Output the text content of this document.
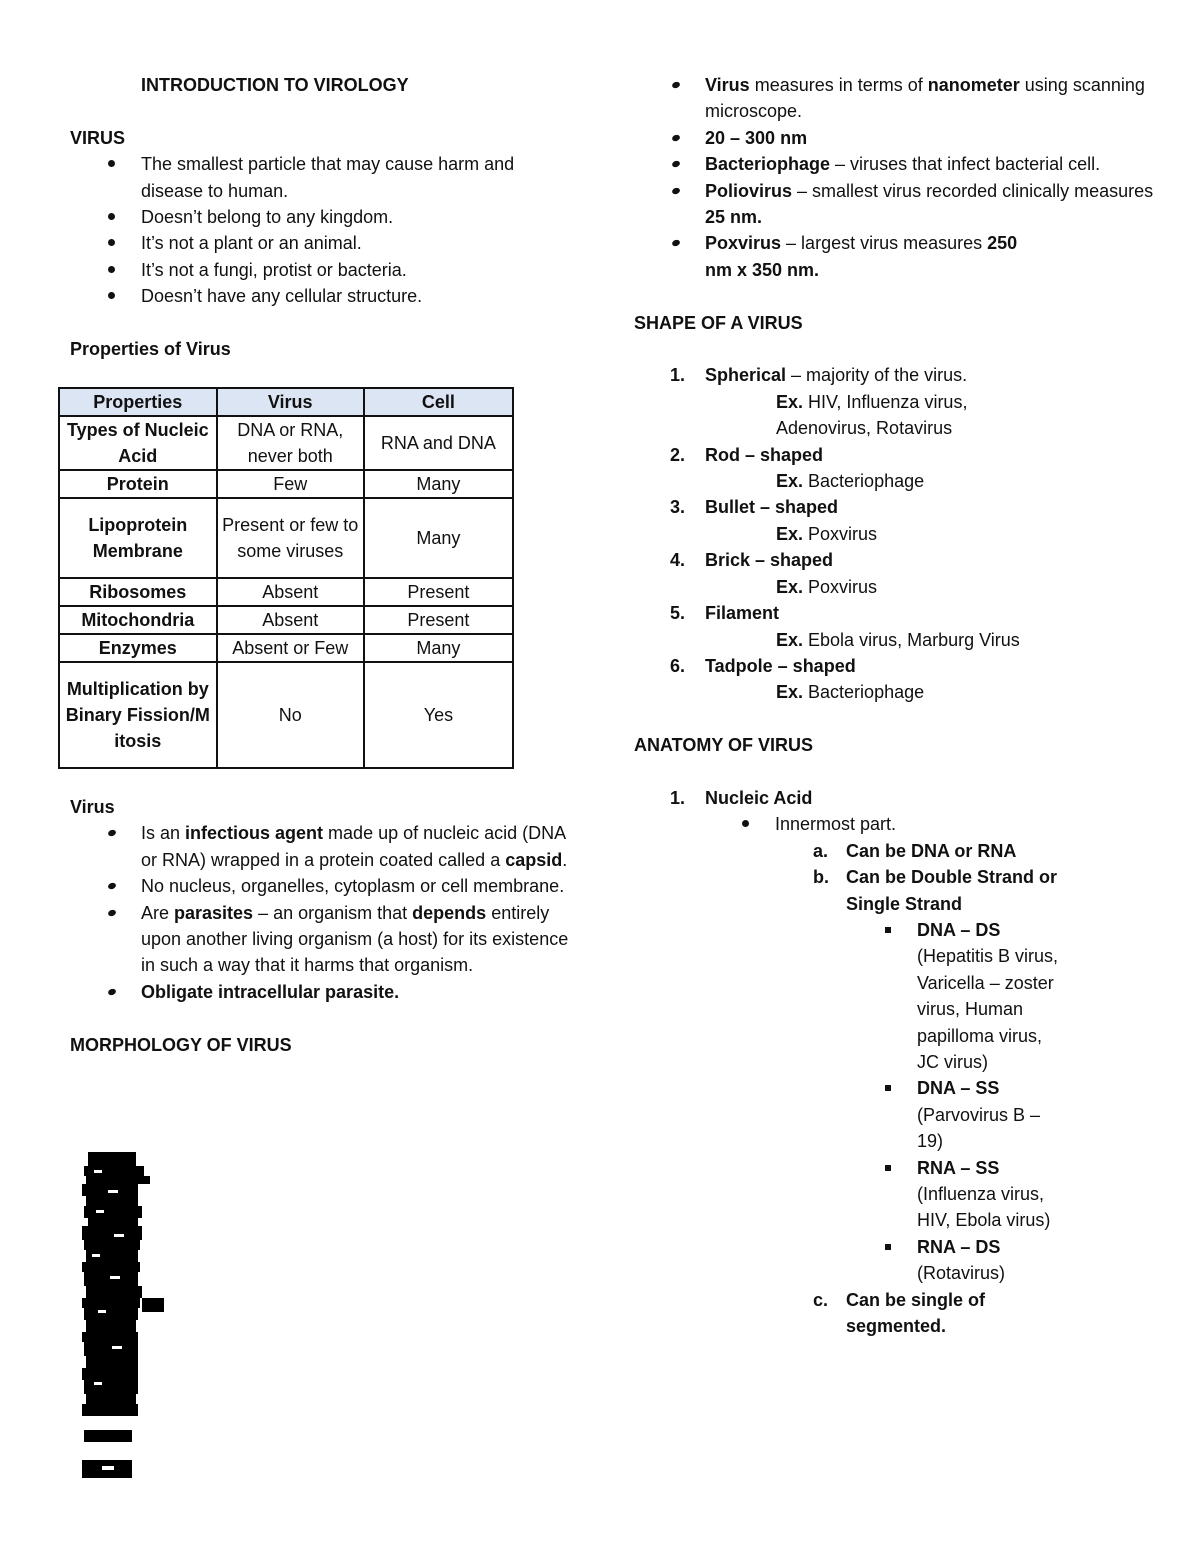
INTRODUCTION TO VIROLOGY
VIRUS
The smallest particle that may cause harm and disease to human.
Doesn’t belong to any kingdom.
It’s not a plant or an animal.
It’s not a fungi, protist or bacteria.
Doesn’t have any cellular structure.
Properties of Virus
Properties	Virus	Cell
Types of Nucleic Acid	DNA or RNA, never both	RNA and DNA
Protein	Few	Many
Lipoprotein Membrane	Present or few to some viruses	Many
Ribosomes	Absent	Present
Mitochondria	Absent	Present
Enzymes	Absent or Few	Many
Multiplication by Binary Fission/Mitosis	No	Yes
Virus
Is an infectious agent made up of nucleic acid (DNA or RNA) wrapped in a protein coated called a capsid.
No nucleus, organelles, cytoplasm or cell membrane.
Are parasites – an organism that depends entirely upon another living organism (a host) for its existence in such a way that it harms that organism.
Obligate intracellular parasite.
MORPHOLOGY OF VIRUS
Virus measures in terms of nanometer using scanning microscope.
20 – 300 nm
Bacteriophage – viruses that infect bacterial cell.
Poliovirus – smallest virus recorded clinically measures 25 nm.
Poxvirus – largest virus measures 250 nm x 350 nm.
SHAPE OF A VIRUS
1. Spherical – majority of the virus.
Ex. HIV, Influenza virus, Adenovirus, Rotavirus
2. Rod – shaped
Ex. Bacteriophage
3. Bullet – shaped
Ex. Poxvirus
4. Brick – shaped
Ex. Poxvirus
5. Filament
Ex. Ebola virus, Marburg Virus
6. Tadpole – shaped
Ex. Bacteriophage
ANATOMY OF VIRUS
1. Nucleic Acid
Innermost part.
a. Can be DNA or RNA
b. Can be Double Strand or Single Strand
DNA – DS (Hepatitis B virus, Varicella – zoster virus, Human papilloma virus, JC virus)
DNA – SS (Parvovirus B – 19)
RNA – SS (Influenza virus, HIV, Ebola virus)
RNA – DS (Rotavirus)
c. Can be single of segmented.
